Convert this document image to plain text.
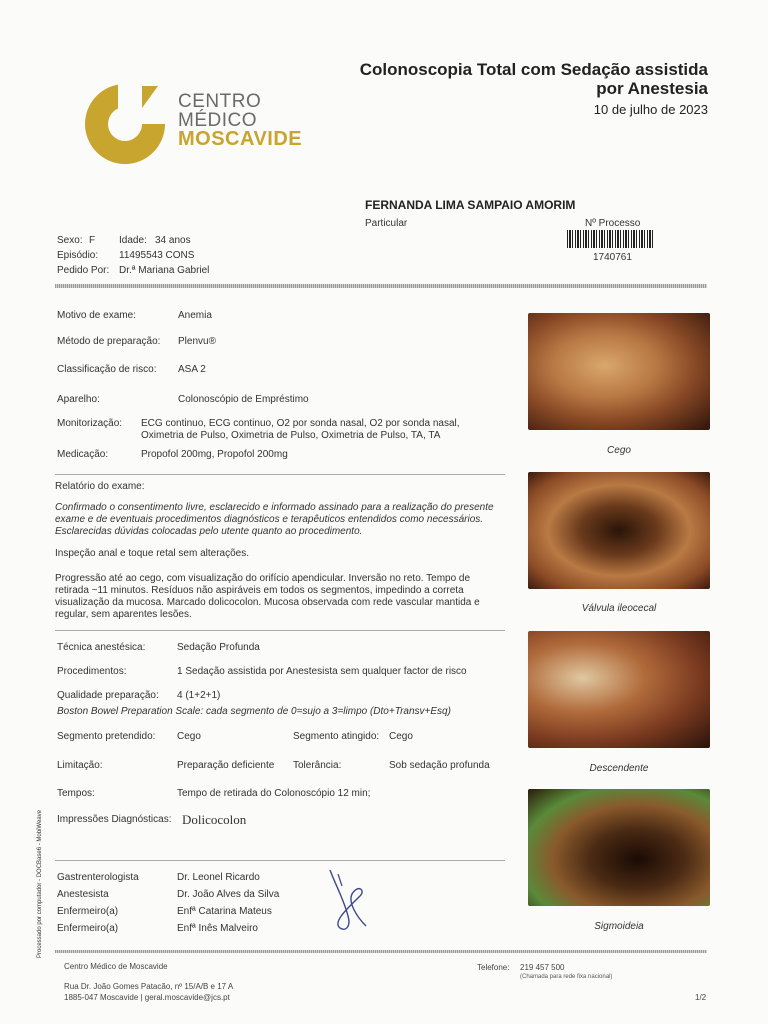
CENTRO
MÉDICO
MOSCAVIDE
Colonoscopia Total com Sedação assistida
por Anestesia
10 de julho de 2023
FERNANDA LIMA SAMPAIO AMORIM
Particular	Nº Processo
1740761
Sexo: F Idade: 34 anos
Episódio: 11495543 CONS
Pedido Por: Dr.ª Mariana Gabriel
Motivo de exame:	Anemia
Método de preparação: Plenvu®
Classificação de risco: ASA 2
Aparelho:	Colonoscópio de Empréstimo
Monitorização: ECG continuo, ECG continuo, O2 por sonda nasal, O2 por sonda nasal,
Oximetria de Pulso, Oximetria de Pulso, Oximetria de Pulso, TA, TA
Medicação:	Propofol 200mg, Propofol 200mg
Relatório do exame:
Confirmado o consentimento livre, esclarecido e informado assinado para a realização do presente exame e de eventuais procedimentos diagnósticos e terapêuticos entendidos como necessários. Esclarecidas dúvidas colocadas pelo utente quanto ao procedimento.
Inspeção anal e toque retal sem alterações.
Progressão até ao cego, com visualização do orifício apendicular. Inversão no reto. Tempo de retirada ~11 minutos. Resíduos não aspiráveis em todos os segmentos, impedindo a correta visualização da mucosa. Marcado dolicocolon. Mucosa observada com rede vascular mantida e regular, sem aparentes lesões.
Técnica anestésica:	Sedação Profunda
Procedimentos:	1 Sedação assistida por Anestesista sem qualquer factor de risco
Qualidade preparação: 4 (1+2+1)
Boston Bowel Preparation Scale: cada segmento de 0=sujo a 3=limpo (Dto+Transv+Esq)
Segmento pretendido: Cego	Segmento atingido: Cego
Limitação:	Preparação deficiente Tolerância:	Sob sedação profunda
Tempos:	Tempo de retirada do Colonoscópio 12 min;
Impressões Diagnósticas: Dolicocolon
Gastrenterologista	Dr. Leonel Ricardo
Anestesista	Dr. João Alves da Silva
Enfermeiro(a)	Enfª Catarina Mateus
Enfermeiro(a)	Enfª Inês Malveiro
Cego
Válvula ileocecal
Descendente
Sigmoideia
Centro Médico de Moscavide
Rua Dr. João Gomes Patacão, nº 15/A/B e 17 A
1885-047 Moscavide | geral.moscavide@jcs.pt
Telefone: 219 457 500
(Chamada para rede fixa nacional)
1/2
Processado por computador - DOCBase6 - MobiWeave
